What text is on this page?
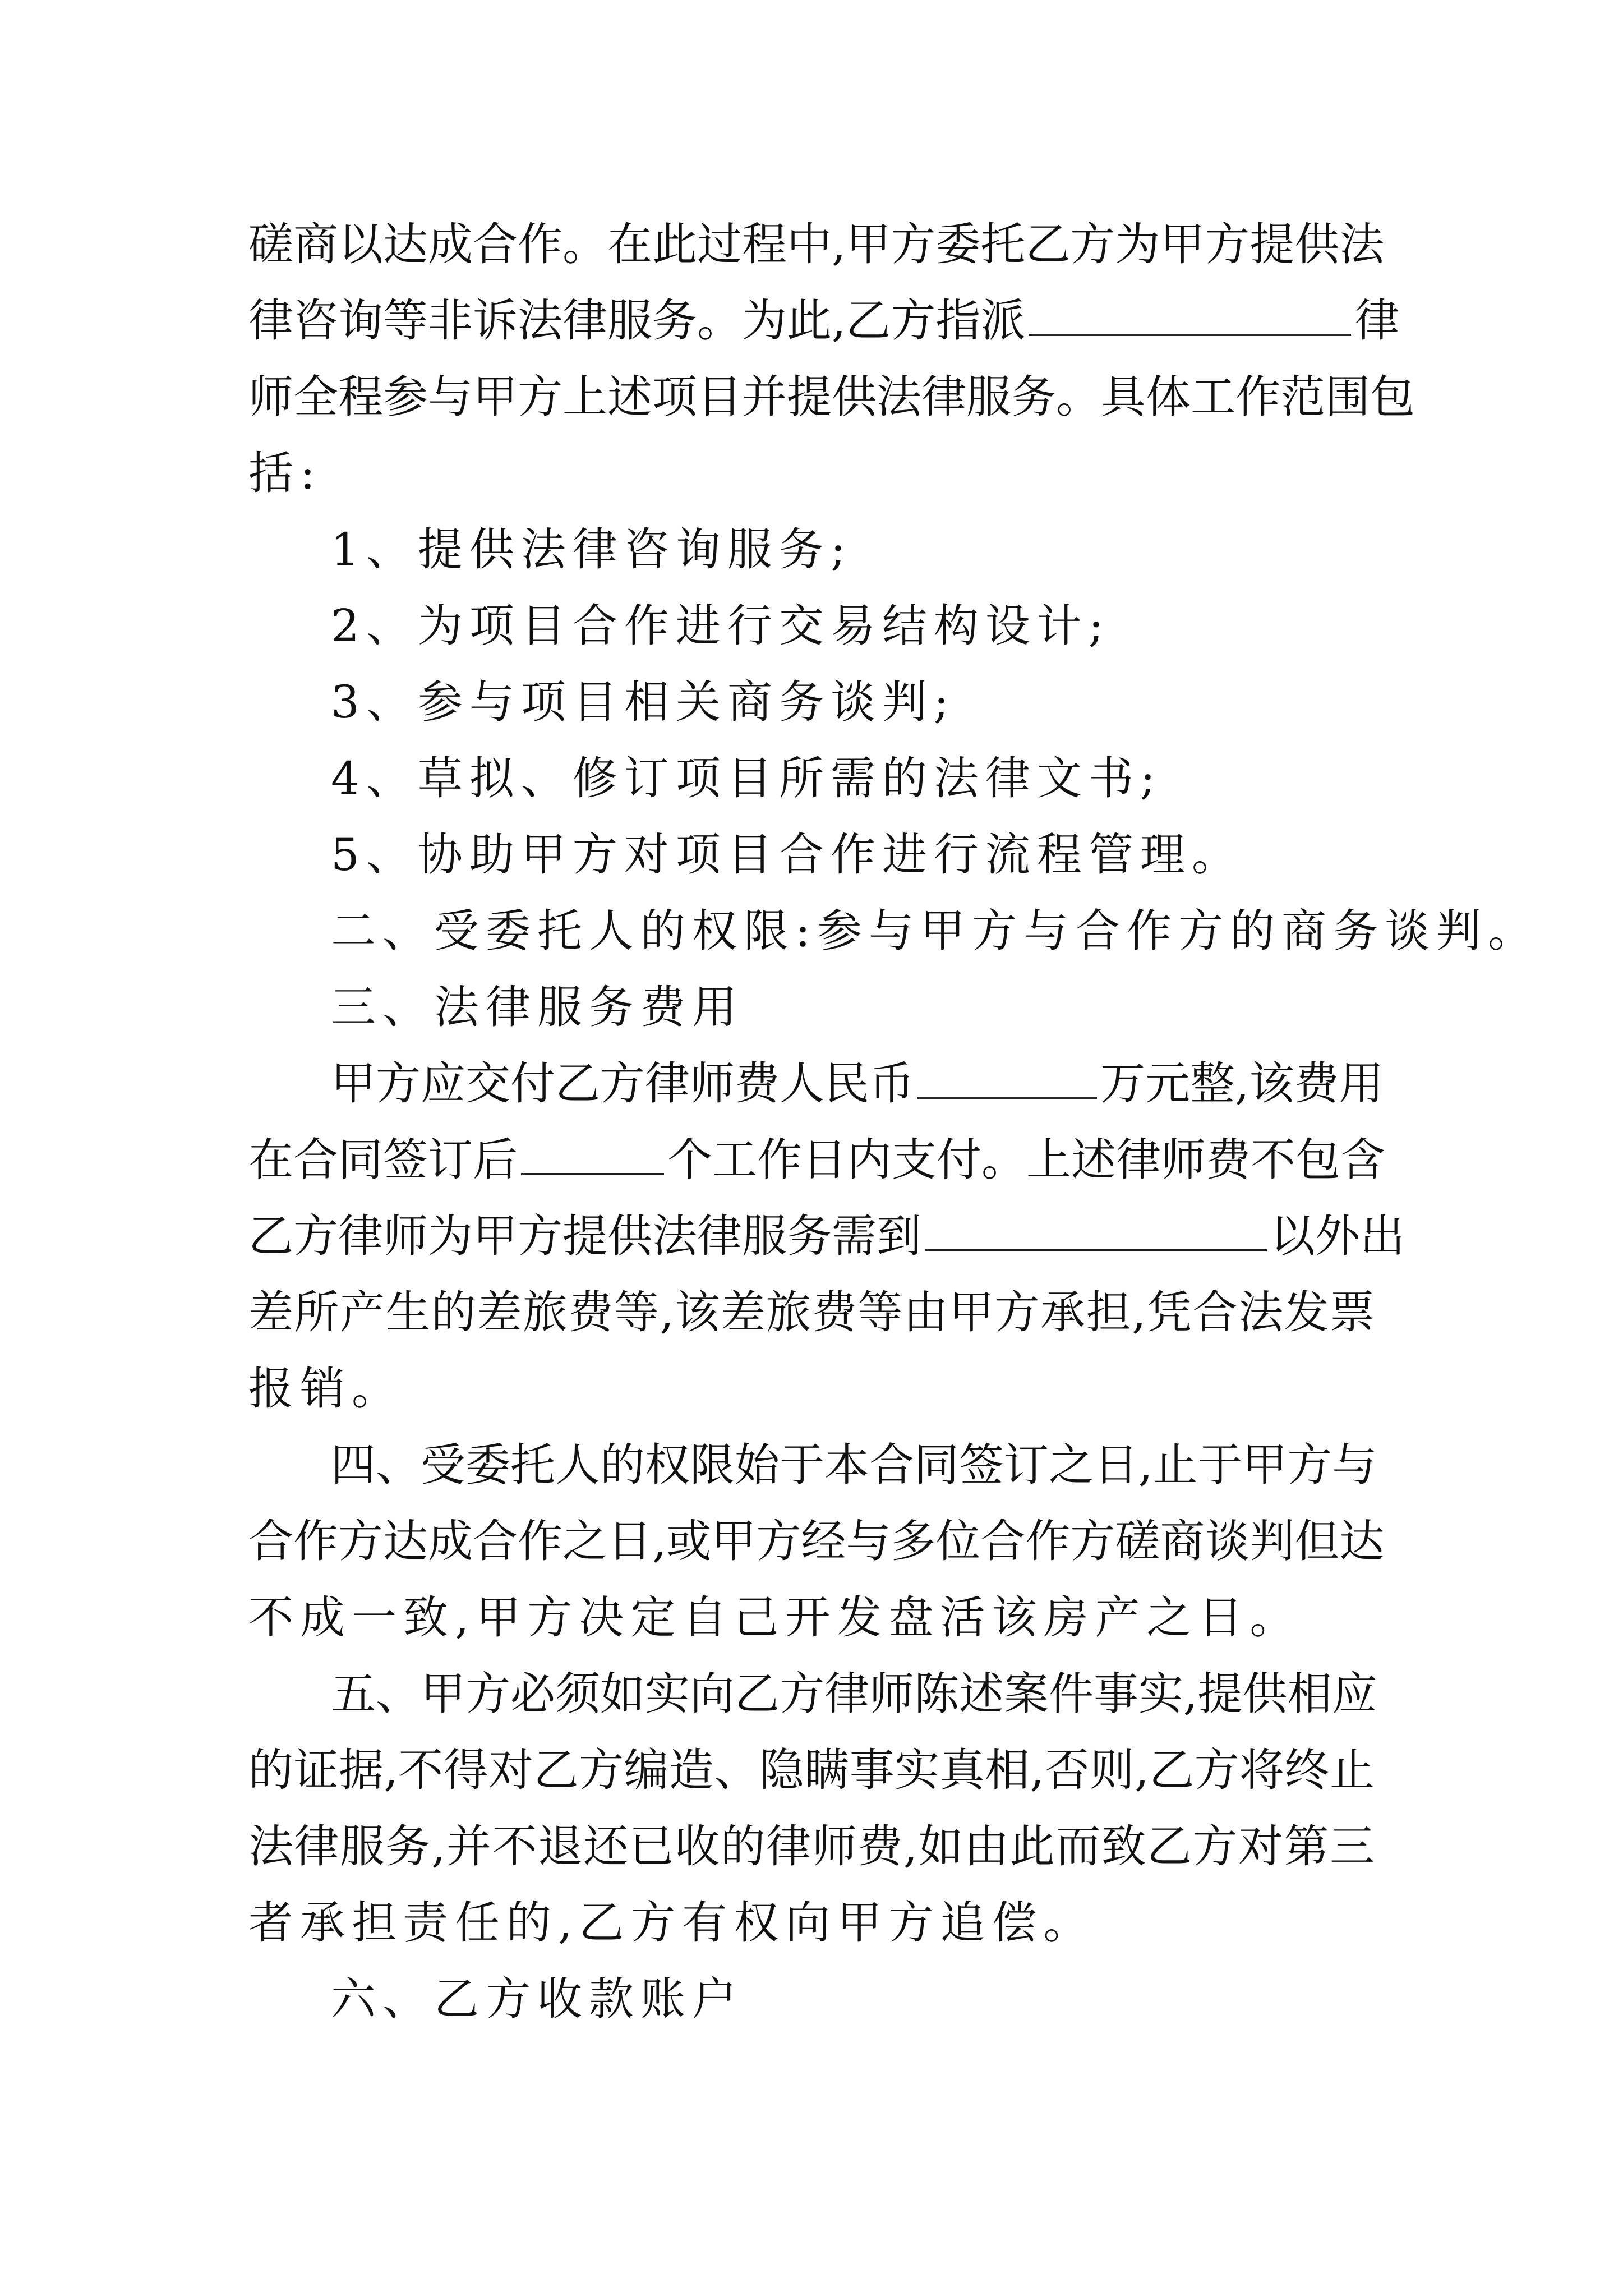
磋商以达成合作。在此过程中,甲方委托乙方为甲方提供法
律咨询等非诉法律服务。为此,乙方指派	律
师全程参与甲方上述项目并提供法律服务。具体工作范围包
括:
1、提供法律咨询服务;
2、为项目合作进行交易结构设计;
3、参与项目相关商务谈判;
4、草拟、修订项目所需的法律文书;
5、协助甲方对项目合作进行流程管理。
二、受委托人的权限:参与甲方与合作方的商务谈判。
三、法律服务费用
甲方应交付乙方律师费人民币	万元整,该费用
在合同签订后	个工作日内支付。上述律师费不包含
乙方律师为甲方提供法律服务需到	以外出
差所产生的差旅费等,该差旅费等由甲方承担,凭合法发票
报销。
四、受委托人的权限始于本合同签订之日,止于甲方与
合作方达成合作之日,或甲方经与多位合作方磋商谈判但达
不成一致,甲方决定自己开发盘活该房产之日。
五、甲方必须如实向乙方律师陈述案件事实,提供相应
的证据,不得对乙方编造、隐瞒事实真相,否则,乙方将终止
法律服务,并不退还已收的律师费,如由此而致乙方对第三
者承担责任的,乙方有权向甲方追偿。
六、乙方收款账户
